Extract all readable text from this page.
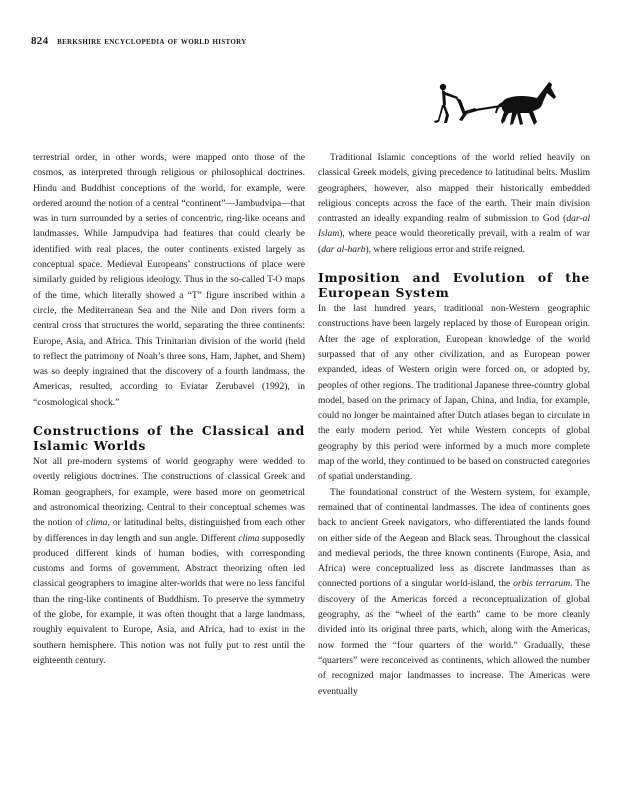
824 berkshire encyclopedia of world history

terrestrial order, in other words, were mapped onto those of the cosmos, as interpreted through religious or philosophical doctrines. Hindu and Buddhist conceptions of the world, for example, were ordered around the notion of a central “continent”—Jambudvipa—that was in turn surrounded by a series of concentric, ring-like oceans and landmasses. While Jampudvipa had features that could clearly be identified with real places, the outer continents existed largely as conceptual space. Medieval Europeans’ constructions of place were similarly guided by religious ideology. Thus in the so-called T-O maps of the time, which literally showed a “T” figure inscribed within a circle, the Mediterranean Sea and the Nile and Don rivers form a central cross that structures the world, separating the three continents: Europe, Asia, and Africa. This Trinitarian division of the world (held to reflect the patrimony of Noah’s three sons, Ham, Japhet, and Shem) was so deeply ingrained that the discovery of a fourth landmass, the Americas, resulted, according to Eviatar Zerubavel (1992), in “cosmological shock.”

Constructions of the Classical and Islamic Worlds

Not all pre-modern systems of world geography were wedded to overtly religious doctrines. The constructions of classical Greek and Roman geographers, for example, were based more on geometrical and astronomical theorizing. Central to their conceptual schemes was the notion of clima, or latitudinal belts, distinguished from each other by differences in day length and sun angle. Different clima supposedly produced different kinds of human bodies, with corresponding customs and forms of government. Abstract theorizing often led classical geographers to imagine alter-worlds that were no less fanciful than the ring-like continents of Buddhism. To preserve the symmetry of the globe, for example, it was often thought that a large landmass, roughly equivalent to Europe, Asia, and Africa, had to exist in the southern hemisphere. This notion was not fully put to rest until the eighteenth century.

Traditional Islamic conceptions of the world relied heavily on classical Greek models, giving precedence to latitudinal belts. Muslim geographers, however, also mapped their historically embedded religious concepts across the face of the earth. Their main division contrasted an ideally expanding realm of submission to God (dar-al Islam), where peace would theoretically prevail, with a realm of war (dar al-harb), where religious error and strife reigned.

Imposition and Evolution of the European System

In the last hundred years, traditional non-Western geographic constructions have been largely replaced by those of European origin. After the age of exploration, European knowledge of the world surpassed that of any other civilization, and as European power expanded, ideas of Western origin were forced on, or adopted by, peoples of other regions. The traditional Japanese three-country global model, based on the primacy of Japan, China, and India, for example, could no longer be maintained after Dutch atlases began to circulate in the early modern period. Yet while Western concepts of global geography by this period were informed by a much more complete map of the world, they continued to be based on constructed categories of spatial understanding.

The foundational construct of the Western system, for example, remained that of continental landmasses. The idea of continents goes back to ancient Greek navigators, who differentiated the lands found on either side of the Aegean and Black seas. Throughout the classical and medieval periods, the three known continents (Europe, Asia, and Africa) were conceptualized less as discrete landmasses than as connected portions of a singular world-island, the orbis terrarum. The discovery of the Americas forced a reconceptualization of global geography, as the “wheel of the earth” came to be more cleanly divided into its original three parts, which, along with the Americas, now formed the “four quarters of the world.” Gradually, these “quarters” were reconceived as continents, which allowed the number of recognized major landmasses to increase. The Americas were eventually
